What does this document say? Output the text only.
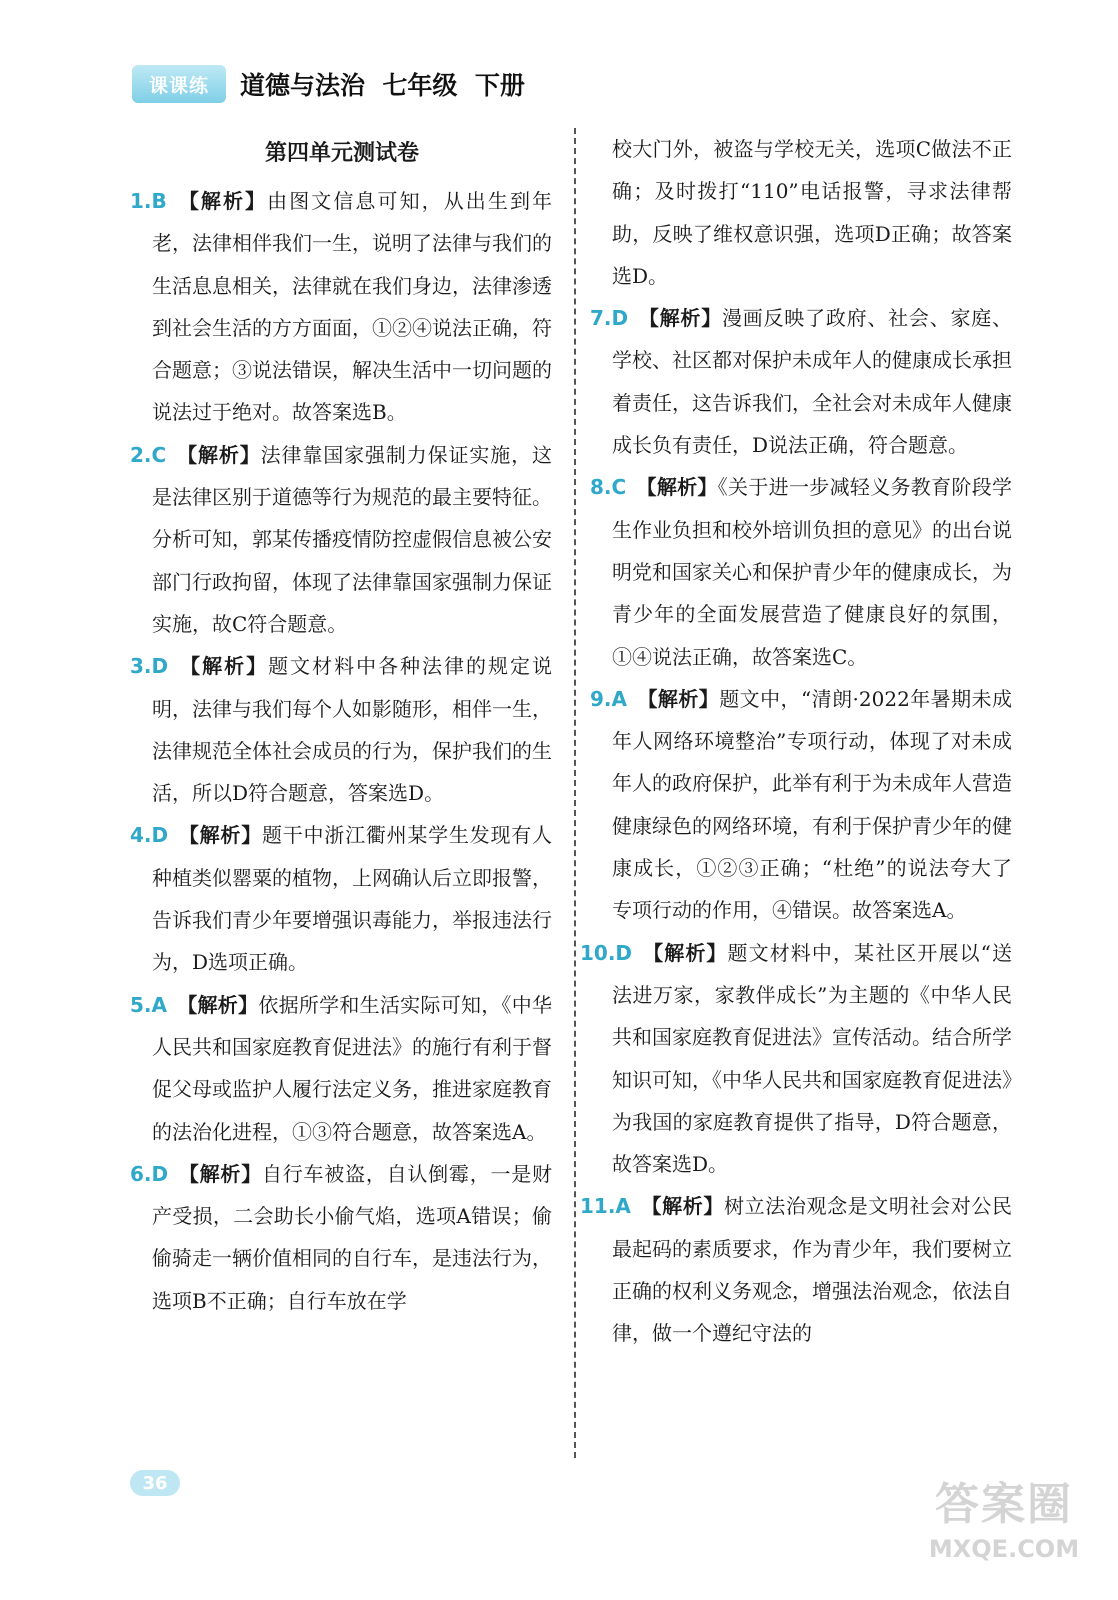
课课练	道德与法治  七年级  下册
第四单元测试卷
1.B  【解析】由图文信息可知，从出生到年老，法律相伴我们一生，说明了法律与我们的生活息息相关，法律就在我们身边，法律渗透到社会生活的方方面面，①②④说法正确，符合题意；③说法错误，解决生活中一切问题的说法过于绝对。故答案选B。
2.C  【解析】法律靠国家强制力保证实施，这是法律区别于道德等行为规范的最主要特征。分析可知，郭某传播疫情防控虚假信息被公安部门行政拘留，体现了法律靠国家强制力保证实施，故C符合题意。
3.D  【解析】题文材料中各种法律的规定说明，法律与我们每个人如影随形，相伴一生，法律规范全体社会成员的行为，保护我们的生活，所以D符合题意，答案选D。
4.D  【解析】题干中浙江衢州某学生发现有人种植类似罂粟的植物，上网确认后立即报警，告诉我们青少年要增强识毒能力，举报违法行为，D选项正确。
5.A  【解析】依据所学和生活实际可知，《中华人民共和国家庭教育促进法》的施行有利于督促父母或监护人履行法定义务，推进家庭教育的法治化进程，①③符合题意，故答案选A。
6.D  【解析】自行车被盗，自认倒霉，一是财产受损，二会助长小偷气焰，选项A错误；偷偷骑走一辆价值相同的自行车，是违法行为，选项B不正确；自行车放在学
校大门外，被盗与学校无关，选项C做法不正确；及时拨打“110”电话报警，寻求法律帮助，反映了维权意识强，选项D正确；故答案选D。
7.D  【解析】漫画反映了政府、社会、家庭、学校、社区都对保护未成年人的健康成长承担着责任，这告诉我们，全社会对未成年人健康成长负有责任，D说法正确，符合题意。
8.C  【解析】《关于进一步减轻义务教育阶段学生作业负担和校外培训负担的意见》的出台说明党和国家关心和保护青少年的健康成长，为青少年的全面发展营造了健康良好的氛围，①④说法正确，故答案选C。
9.A  【解析】题文中，“清朗·2022年暑期未成年人网络环境整治”专项行动，体现了对未成年人的政府保护，此举有利于为未成年人营造健康绿色的网络环境，有利于保护青少年的健康成长，①②③正确；“杜绝”的说法夸大了专项行动的作用，④错误。故答案选A。
10.D  【解析】题文材料中，某社区开展以“送法进万家，家教伴成长”为主题的《中华人民共和国家庭教育促进法》宣传活动。结合所学知识可知，《中华人民共和国家庭教育促进法》为我国的家庭教育提供了指导，D符合题意，故答案选D。
11.A  【解析】树立法治观念是文明社会对公民最起码的素质要求，作为青少年，我们要树立正确的权利义务观念，增强法治观念，依法自律，做一个遵纪守法的
36	答案圈
MXQE.COM
